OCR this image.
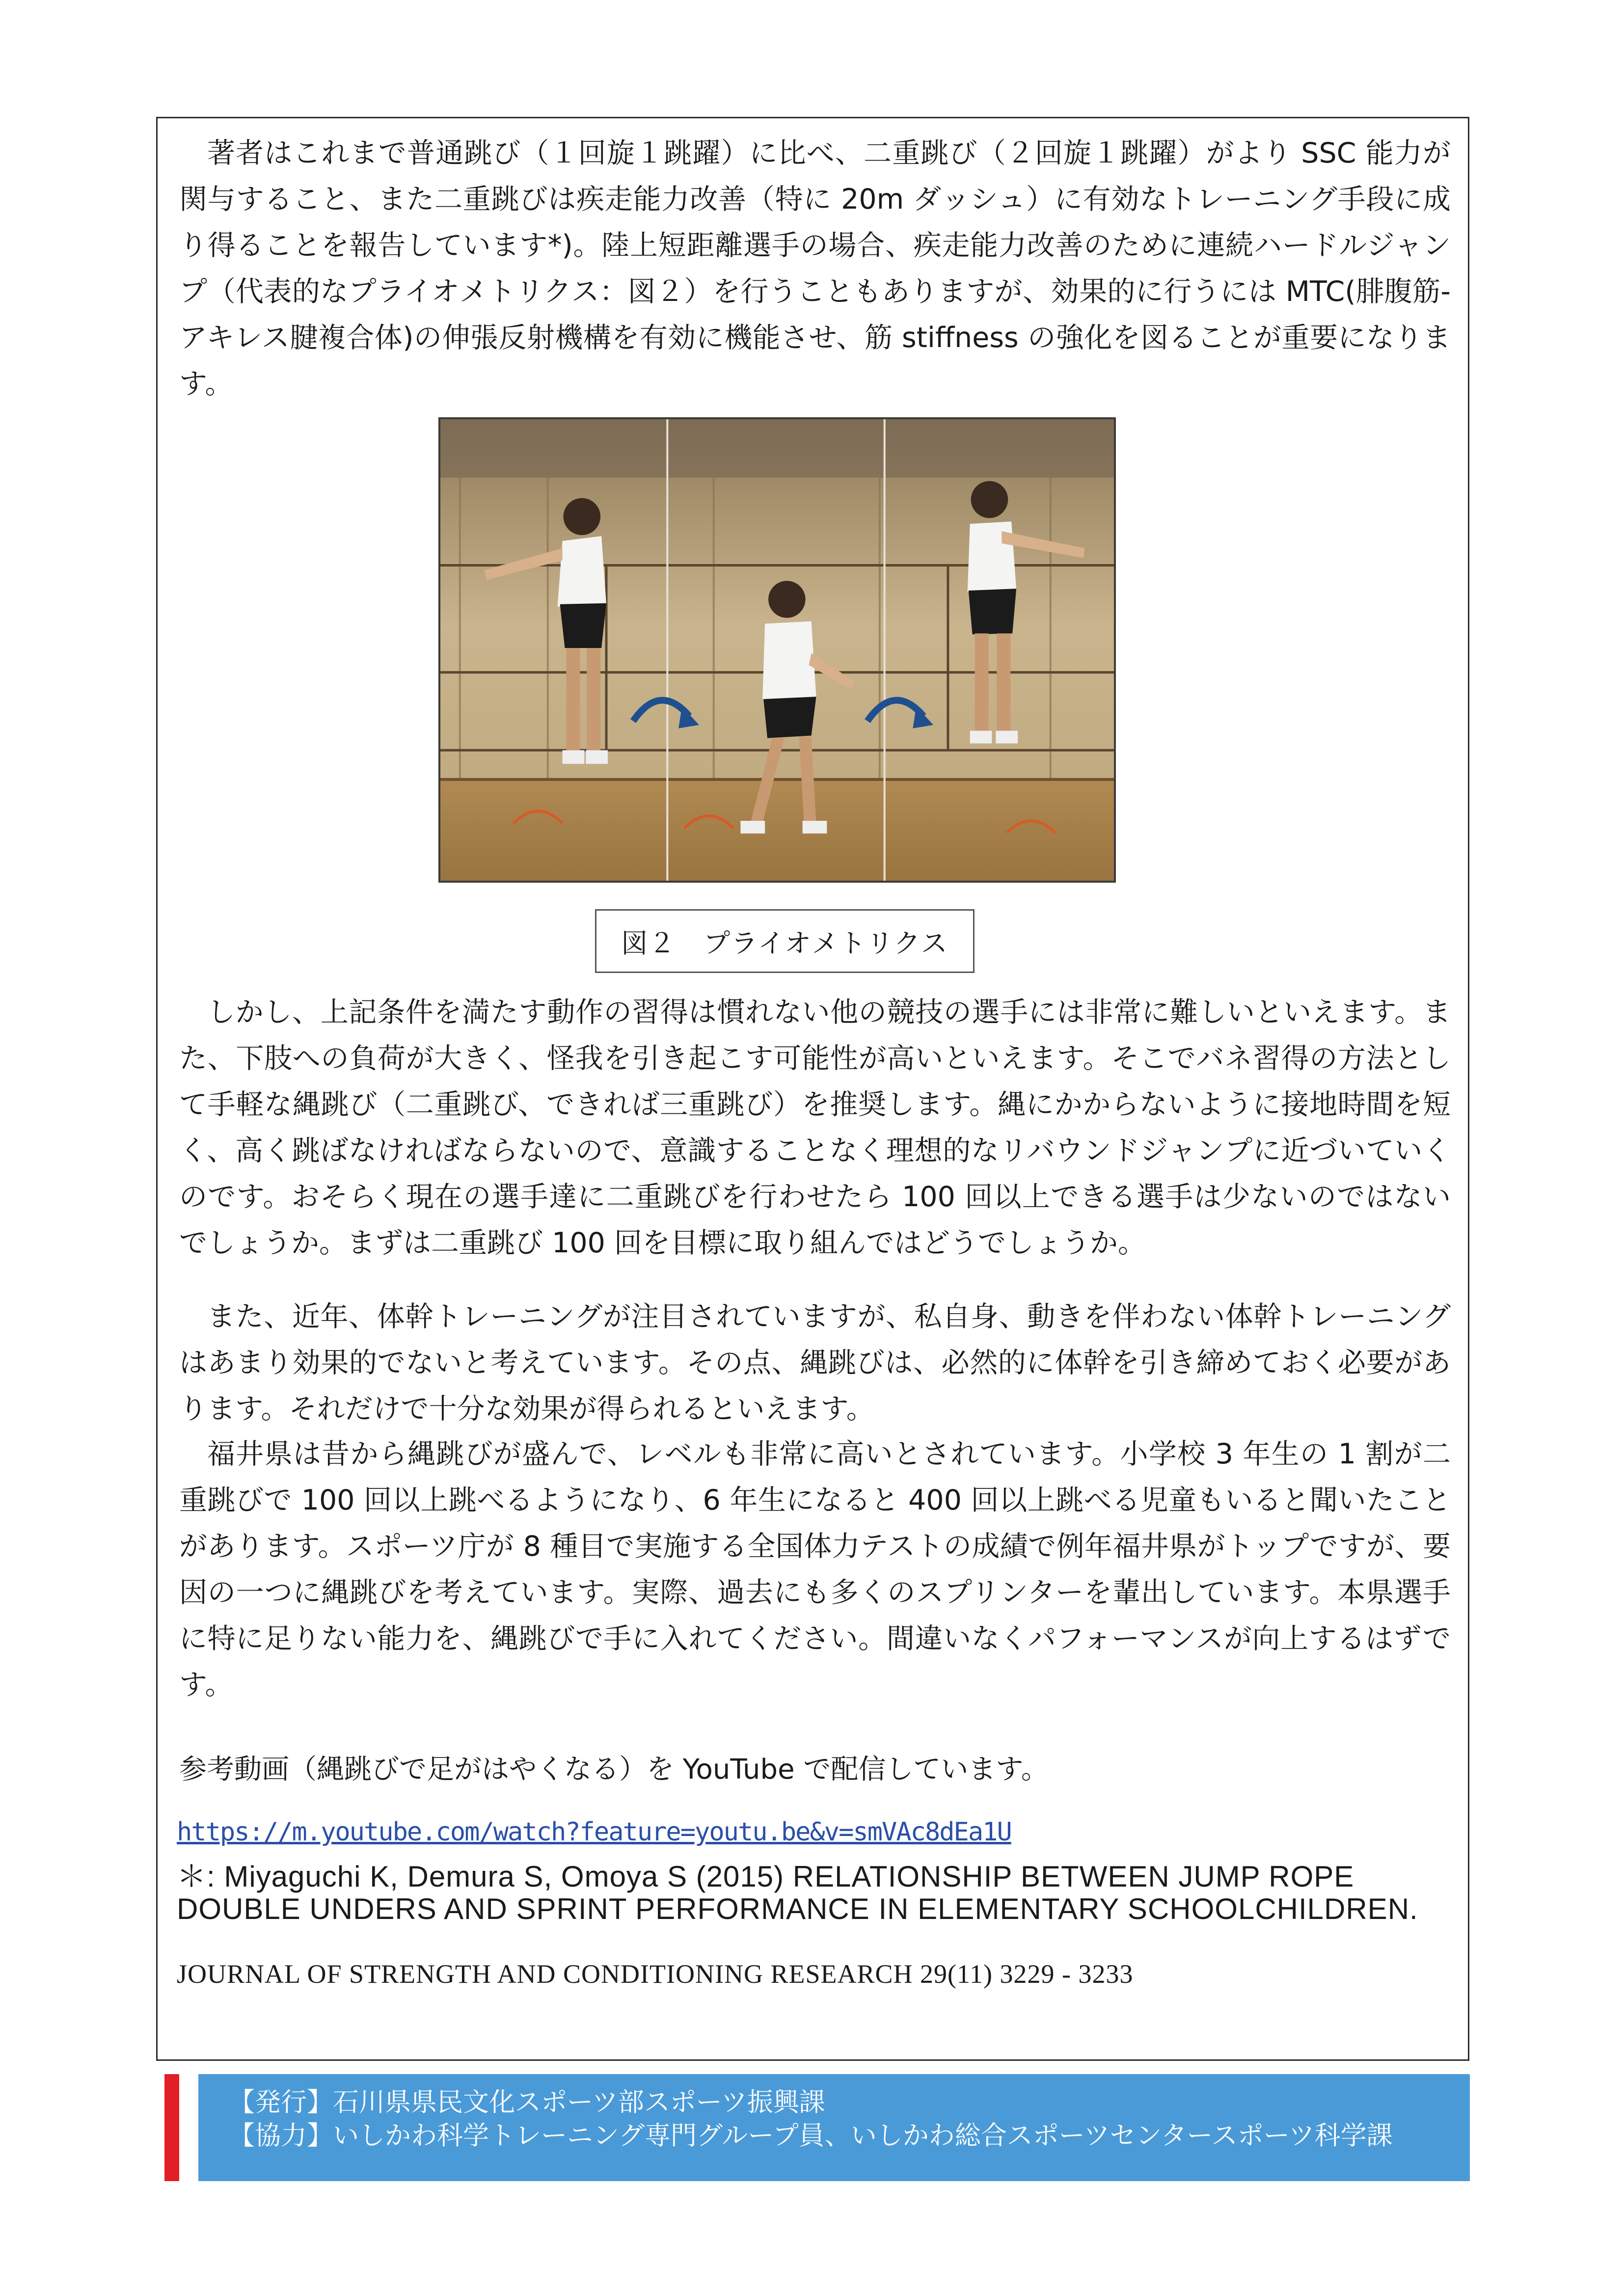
著者はこれまで普通跳び（１回旋１跳躍）に比べ、二重跳び（２回旋１跳躍）がより SSC 能力が関与すること、また二重跳びは疾走能力改善（特に 20m ダッシュ）に有効なトレーニング手段に成り得ることを報告しています*)。陸上短距離選手の場合、疾走能力改善のために連続ハードルジャンプ（代表的なプライオメトリクス：図２）を行うこともありますが、効果的に行うには MTC(腓腹筋-アキレス腱複合体)の伸張反射機構を有効に機能させ、筋 stiffness の強化を図ることが重要になります。

図２　プライオメトリクス

しかし、上記条件を満たす動作の習得は慣れない他の競技の選手には非常に難しいといえます。また、下肢への負荷が大きく、怪我を引き起こす可能性が高いといえます。そこでバネ習得の方法として手軽な縄跳び（二重跳び、できれば三重跳び）を推奨します。縄にかからないように接地時間を短く、高く跳ばなければならないので、意識することなく理想的なリバウンドジャンプに近づいていくのです。おそらく現在の選手達に二重跳びを行わせたら 100 回以上できる選手は少ないのではないでしょうか。まずは二重跳び 100 回を目標に取り組んではどうでしょうか。

また、近年、体幹トレーニングが注目されていますが、私自身、動きを伴わない体幹トレーニングはあまり効果的でないと考えています。その点、縄跳びは、必然的に体幹を引き締めておく必要があります。それだけで十分な効果が得られるといえます。

福井県は昔から縄跳びが盛んで、レベルも非常に高いとされています。小学校 3 年生の 1 割が二重跳びで 100 回以上跳べるようになり、6 年生になると 400 回以上跳べる児童もいると聞いたことがあります。スポーツ庁が 8 種目で実施する全国体力テストの成績で例年福井県がトップですが、要因の一つに縄跳びを考えています。実際、過去にも多くのスプリンターを輩出しています。本県選手に特に足りない能力を、縄跳びで手に入れてください。間違いなくパフォーマンスが向上するはずです。

参考動画（縄跳びで足がはやくなる）を YouTube で配信しています。

https://m.youtube.com/watch?feature=youtu.be&v=smVAc8dEa1U

＊: Miyaguchi K, Demura S, Omoya S (2015) RELATIONSHIP BETWEEN JUMP ROPE DOUBLE UNDERS AND SPRINT PERFORMANCE IN ELEMENTARY SCHOOLCHILDREN.

JOURNAL OF STRENGTH AND CONDITIONING RESEARCH 29(11) 3229 - 3233

【発行】石川県県民文化スポーツ部スポーツ振興課

【協力】いしかわ科学トレーニング専門グループ員、いしかわ総合スポーツセンタースポーツ科学課
